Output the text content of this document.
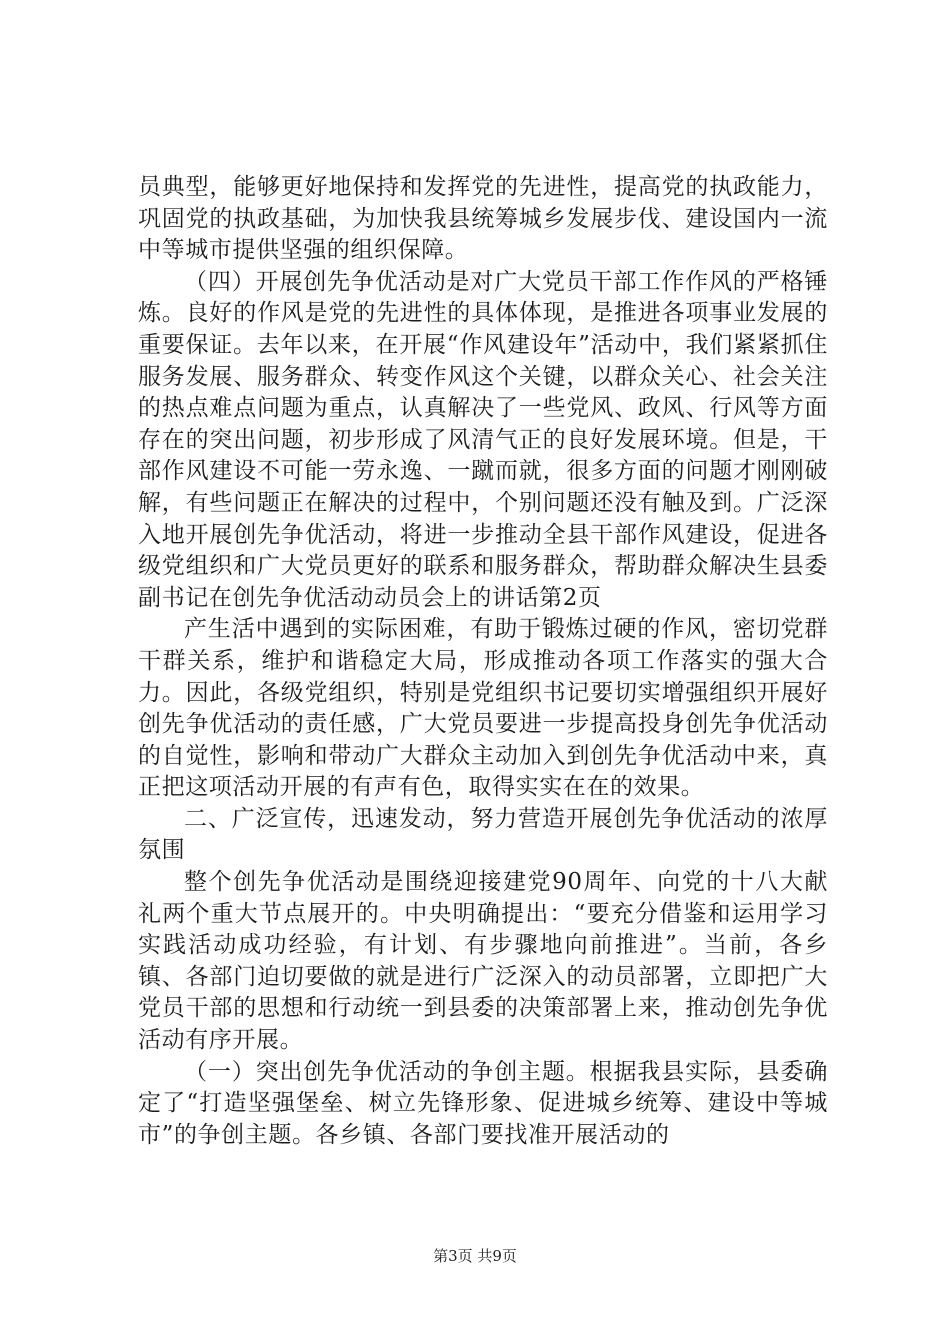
员典型，能够更好地保持和发挥党的先进性，提高党的执政能力，巩固党的执政基础，为加快我县统筹城乡发展步伐、建设国内一流中等城市提供坚强的组织保障。

（四）开展创先争优活动是对广大党员干部工作作风的严格锤炼。良好的作风是党的先进性的具体体现，是推进各项事业发展的重要保证。去年以来，在开展“作风建设年”活动中，我们紧紧抓住服务发展、服务群众、转变作风这个关键，以群众关心、社会关注的热点难点问题为重点，认真解决了一些党风、政风、行风等方面存在的突出问题，初步形成了风清气正的良好发展环境。但是，干部作风建设不可能一劳永逸、一蹴而就，很多方面的问题才刚刚破解，有些问题正在解决的过程中，个别问题还没有触及到。广泛深入地开展创先争优活动，将进一步推动全县干部作风建设，促进各级党组织和广大党员更好的联系和服务群众，帮助群众解决生县委副书记在创先争优活动动员会上的讲话第2页

产生活中遇到的实际困难，有助于锻炼过硬的作风，密切党群干群关系，维护和谐稳定大局，形成推动各项工作落实的强大合力。因此，各级党组织，特别是党组织书记要切实增强组织开展好创先争优活动的责任感，广大党员要进一步提高投身创先争优活动的自觉性，影响和带动广大群众主动加入到创先争优活动中来，真正把这项活动开展的有声有色，取得实实在在的效果。

二、广泛宣传，迅速发动，努力营造开展创先争优活动的浓厚氛围

整个创先争优活动是围绕迎接建党90周年、向党的十八大献礼两个重大节点展开的。中央明确提出：“要充分借鉴和运用学习实践活动成功经验，有计划、有步骤地向前推进”。当前，各乡镇、各部门迫切要做的就是进行广泛深入的动员部署，立即把广大党员干部的思想和行动统一到县委的决策部署上来，推动创先争优活动有序开展。

（一）突出创先争优活动的争创主题。根据我县实际，县委确定了“打造坚强堡垒、树立先锋形象、促进城乡统筹、建设中等城市”的争创主题。各乡镇、各部门要找准开展活动的

第3页 共9页
